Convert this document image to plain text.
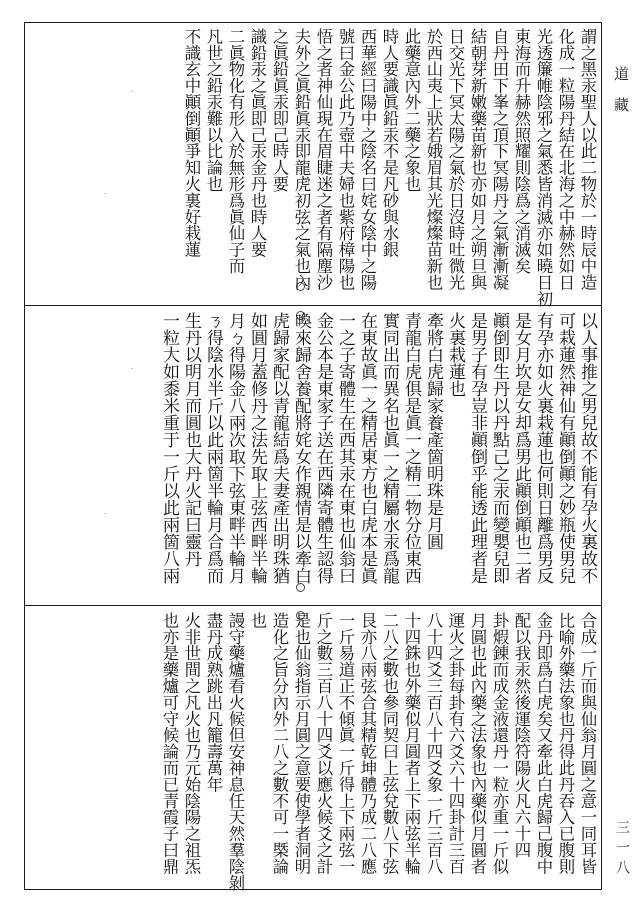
·
·
·
·
道藏
三一八
謂之黑汞聖人以此二物於一時辰中造
化成一粒陽丹結在北海之中赫然如日
光透簾帷陰邪之氣悉皆消滅亦如曉日初
東海而升赫然照耀則陰爲之消滅矣
自丹田下峯之頂下冥陽丹之氣漸漸凝
結朝芽新嫩藥苗新也亦如月之朔旦與
日交光下冥太陽之氣於日沒時吐微光
於西山夷上狀若娥眉其光燦燦苗新也
此藥意內外二藥之象也
時人要識眞鉛汞不是凡砂與水銀
西華經曰陽中之陰名曰姹女陰中之陽
號曰金公此乃壺中夫婦也紫府樟陽也
悟之者神仙現在眉睫迷之者有隔塵沙
夫外之眞鉛眞汞即龍虎初弦之氣也內
之眞鉛眞汞即己時人要
識鉛汞之眞即己汞金丹也時人要
二眞物化有形入於無形爲眞仙子而
凡世之鉛汞難以比論也
不識玄中顚倒顚爭知火裏好栽蓮
以人事推之男兒故不能有孕火裏故不
可栽蓮然神仙有顚倒顚之妙瓶使男兒
有孕亦如火裏栽蓮也何則日離爲男反
是女月坎是女却爲男此顚倒顚也二者
顚倒即生丹以丹點己之汞而變嬰兒即
是男子有孕豈非顚倒乎能透此理者是
火裏栽蓮也
牽將白虎歸家養產箇明珠是月圓
青龍白虎俱是眞一之精二物分位東西
實同出而異名也眞一之精屬水汞爲龍
在東故眞一之精居東方也白虎本是眞
一之子寄體生在西其汞在東也仙翁曰
金公本是東家子送在西隣寄體生認得
喚來歸舍養配將姹女作親情是以牽白
虎歸家配以青龍結爲夫妻產出明珠猶
如圓月蓋修丹之法先取上弦西畔半輪
月ㄅ得陽金八兩次取下弦東畔半輪月
ㄋ得陰水半斤以此兩箇半輪月合爲而
生丹以明月而圓也大丹火記曰靈丹
一粒大如黍米重于一斤以此兩箇八兩
合成一斤而與仙翁月圓之意一同耳皆
比喻外藥法象也丹得此丹吞入已腹則
金丹即爲白虎矣又牽此白虎歸己腹中
配以我汞然後運陰符陽火凡六十四
卦煆錬而成金液還丹一粒亦重一斤似
月圓也此內藥之法象也內藥似月圓者
運火之卦每卦有六爻六十四卦計三百
八十四爻三百八十四爻象一斤三百八
十四銖也外藥似月圓者上下兩弦半輪
二八之數也參同契曰上弦兌數八下弦
艮亦八兩弦合其精乾坤體乃成二八應
一斤易道正不傾眞一斤得上下兩弦一
斤之數三百八十四爻以應火候爻之計
是也仙翁指示月圓之意要使學者洞明
造化之旨分內外二八之數不可一槩論
也
謾守藥爐看火候但安神息任天然羣陰剝
盡丹成熟跳出凡籠壽萬年
火非世間之凡火也乃元始陰陽之祖炁
也亦是藥爐可守候論而已青霞子曰鼎
